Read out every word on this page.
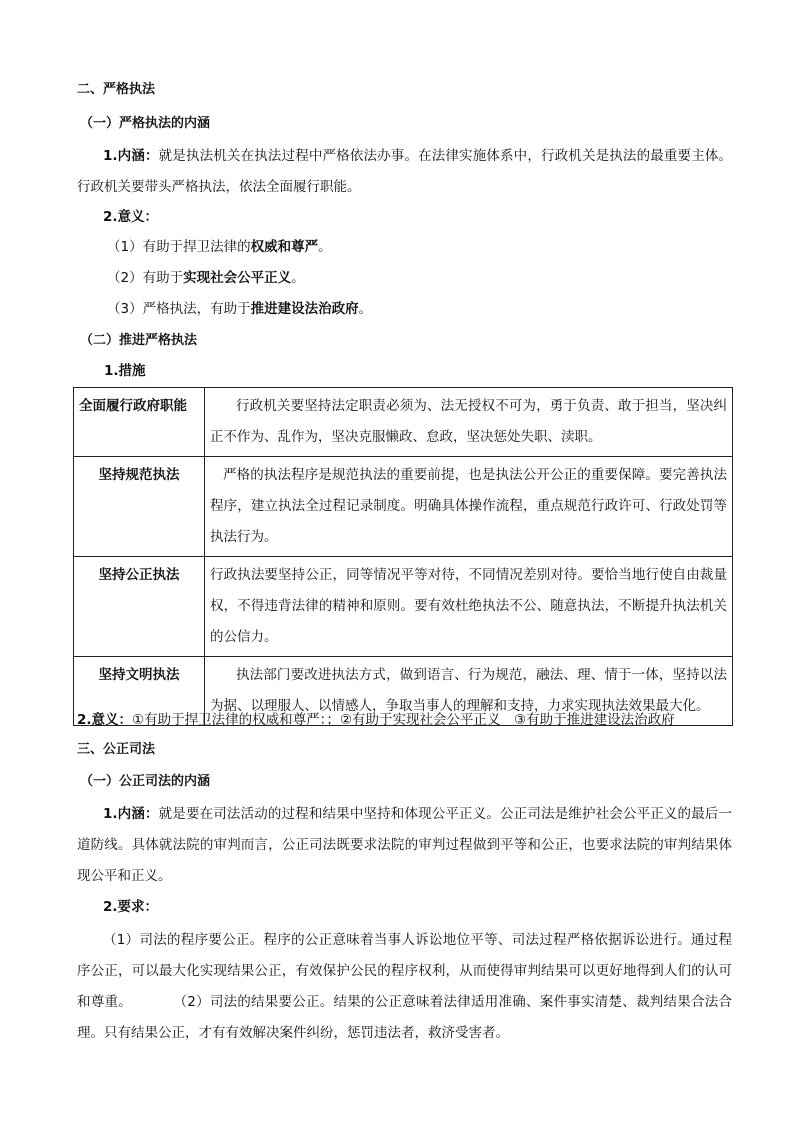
二、严格执法
（一）严格执法的内涵
1.内涵：就是执法机关在执法过程中严格依法办事。在法律实施体系中，行政机关是执法的最重要主体。行政机关要带头严格执法，依法全面履行职能。
2.意义：
（1）有助于捍卫法律的权威和尊严。
（2）有助于实现社会公平正义。
（3）严格执法，有助于推进建设法治政府。
（二）推进严格执法
1.措施
全面履行政府职能	行政机关要坚持法定职责必须为、法无授权不可为，勇于负责、敢于担当，坚决纠正不作为、乱作为，坚决克服懒政、怠政，坚决惩处失职、渎职。
坚持规范执法	严格的执法程序是规范执法的重要前提，也是执法公开公正的重要保障。要完善执法程序，建立执法全过程记录制度。明确具体操作流程，重点规范行政许可、行政处罚等执法行为。
坚持公正执法	行政执法要坚持公正，同等情况平等对待，不同情况差别对待。要恰当地行使自由裁量权，不得违背法律的精神和原则。要有效杜绝执法不公、随意执法，不断提升执法机关的公信力。
坚持文明执法	执法部门要改进执法方式，做到语言、行为规范，融法、理、情于一体，坚持以法为据、以理服人、以情感人，争取当事人的理解和支持，力求实现执法效果最大化。
2.意义：①有助于捍卫法律的权威和尊严：；②有助于实现社会公平正义　③有助于推进建设法治政府
三、公正司法
（一）公正司法的内涵
1.内涵：就是要在司法活动的过程和结果中坚持和体现公平正义。公正司法是维护社会公平正义的最后一道防线。具体就法院的审判而言，公正司法既要求法院的审判过程做到平等和公正，也要求法院的审判结果体现公平和正义。
2.要求：
（1）司法的程序要公正。程序的公正意味着当事人诉讼地位平等、司法过程严格依据诉讼进行。通过程序公正，可以最大化实现结果公正，有效保护公民的程序权利，从而使得审判结果可以更好地得到人们的认可和尊重。　　　　（2）司法的结果要公正。结果的公正意味着法律适用准确、案件事实清楚、裁判结果合法合理。只有结果公正，才有有效解决案件纠纷，惩罚违法者，救济受害者。
